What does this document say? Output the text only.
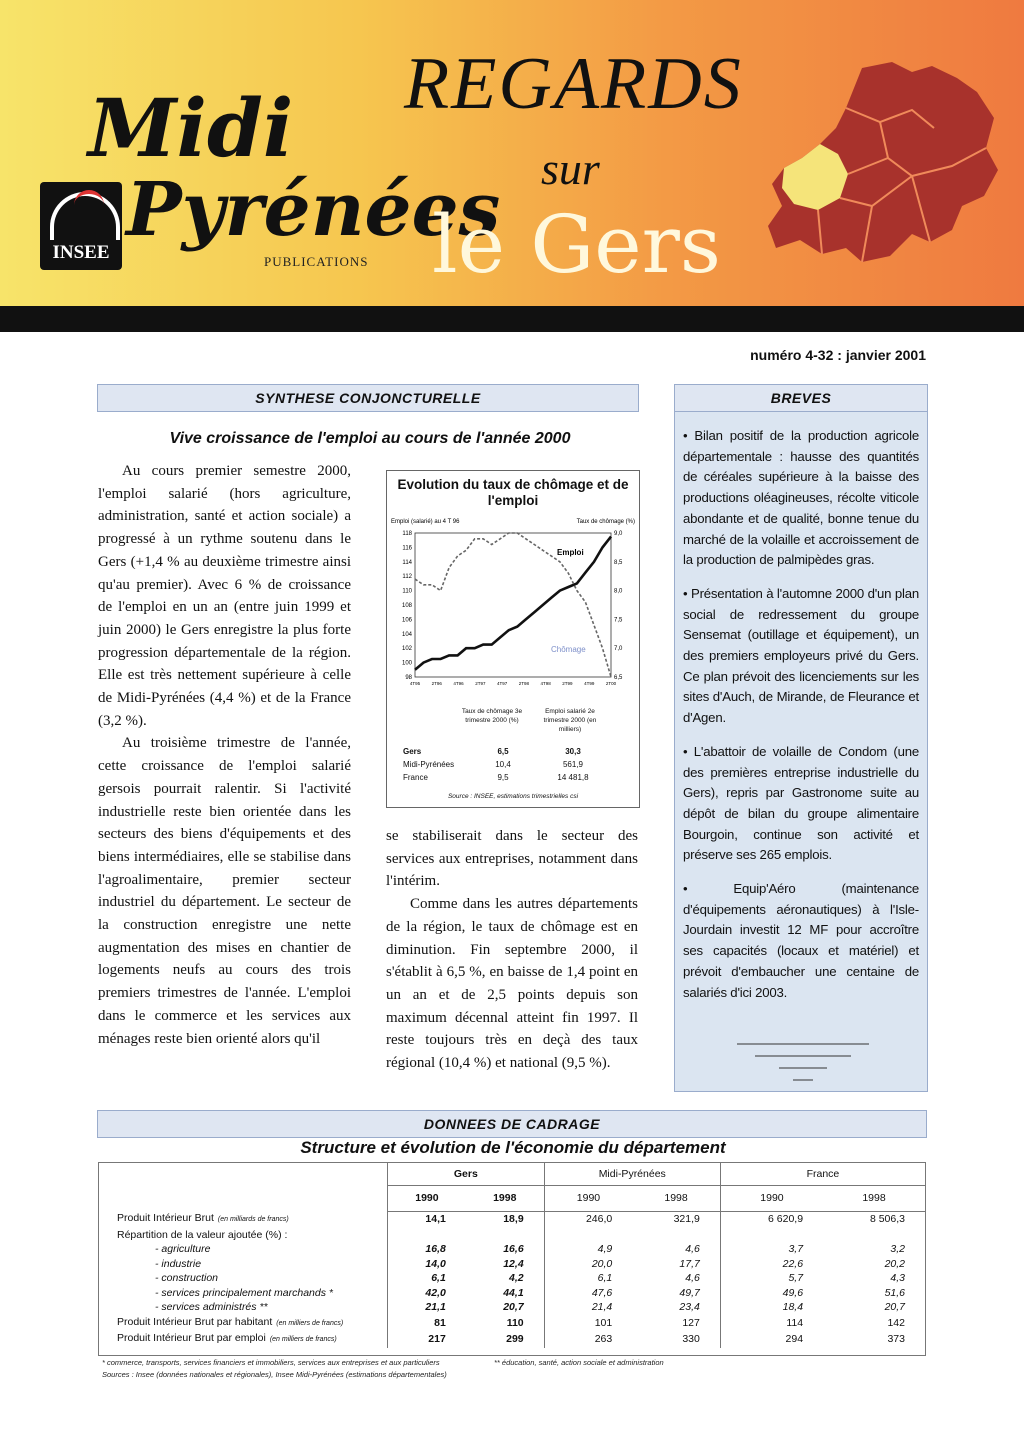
Midi
Pyrénées
INSEE	PUBLICATIONS
REGARDS
sur
le Gers
numéro 4-32 : janvier 2001
SYNTHESE CONJONCTURELLE
Vive croissance de l'emploi au cours de l'année 2000

Au cours premier semestre 2000, l'emploi salarié (hors agriculture, administration, santé et action sociale) a progressé à un rythme soutenu dans le Gers (+1,4 % au deuxième trimestre ainsi qu'au premier). Avec 6 % de croissance de l'emploi en un an (entre juin 1999 et juin 2000) le Gers enregistre la plus forte progression départementale de la région. Elle est très nettement supérieure à celle de Midi-Pyrénées (4,4 %) et de la France (3,2 %).

Au troisième trimestre de l'année, cette croissance de l'emploi salarié gersois pourrait ralentir. Si l'activité industrielle reste bien orientée dans les secteurs des biens d'équipements et des biens intermédiaires, elle se stabilise dans l'agroalimentaire, premier secteur industriel du département. Le secteur de la construction enregistre une nette augmentation des mises en chantier de logements neufs au cours des trois premiers trimestres de l'année. L'emploi dans le commerce et les services aux ménages reste bien orienté alors qu'il

se stabiliserait dans le secteur des services aux entreprises, notamment dans l'intérim.

Comme dans les autres départements de la région, le taux de chômage est en diminution. Fin septembre 2000, il s'établit à 6,5 %, en baisse de 1,4 point en un an et de 2,5 points depuis son maximum décennal atteint fin 1997. Il reste toujours très en deçà des taux régional (10,4 %) et national (9,5 %).

Evolution du taux de chômage et de l'emploi
Emploi (salarié) au 4 T 96	Taux de chômage (%)
118
116
114
112
110
108
106
104
102
100
98
9,0
8,5
8,0
7,5
7,0
6,5
4T95	2T96	4T96	2T97	4T97	2T98	4T98	2T99	4T99	2T00
Emploi
Chômage
Taux de chômage 3e trimestre 2000 (%)
Emploi salarié 2e trimestre 2000 (en milliers)
Gers	6,5	30,3
Midi-Pyrénées	10,4	561,9
France	9,5	14 481,8
Source : INSEE, estimations trimestrielles csi
BREVES
• Bilan positif de la production agricole départementale : hausse des quantités de céréales supérieure à la baisse des productions oléagineuses, récolte viticole abondante et de qualité, bonne tenue du marché de la volaille et accroissement de la production de palmipèdes gras.
• Présentation à l'automne 2000 d'un plan social de redressement du groupe Sensemat (outillage et équipement), un des premiers employeurs privé du Gers. Ce plan prévoit des licenciements sur les sites d'Auch, de Mirande, de Fleurance et d'Agen.
• L'abattoir de volaille de Condom (une des premières entreprise industrielle du Gers), repris par Gastronome suite au dépôt de bilan du groupe alimentaire Bourgoin, continue son activité et préserve ses 265 emplois.
• Equip'Aéro (maintenance d'équipements aéronautiques) à l'Isle-Jourdain investit 12 MF pour accroître ses capacités (locaux et matériel) et prévoit d'embaucher une centaine de salariés d'ici 2003.
DONNEES DE CADRAGE
Structure et évolution de l'économie du département
	Gers		Midi-Pyrénées		France	
	1990	1998	1990	1998	1990	1998
Produit Intérieur Brut (en milliards de francs)	14,1	18,9	246,0	321,9	6 620,9	8 506,3
Répartition de la valeur ajoutée (%) :						
- agriculture	16,8	16,6	4,9	4,6	3,7	3,2
- industrie	14,0	12,4	20,0	17,7	22,6	20,2
- construction	6,1	4,2	6,1	4,6	5,7	4,3
- services principalement marchands *	42,0	44,1	47,6	49,7	49,6	51,6
- services administrés **	21,1	20,7	21,4	23,4	18,4	20,7
Produit Intérieur Brut par habitant (en milliers de francs)	81	110	101	127	114	142
Produit Intérieur Brut par emploi (en milliers de francs)	217	299	263	330	294	373
* commerce, transports, services financiers et immobiliers, services aux entreprises et aux particuliers	** éducation, santé, action sociale et administration
Sources : Insee (données nationales et régionales), Insee Midi-Pyrénées (estimations départementales)
